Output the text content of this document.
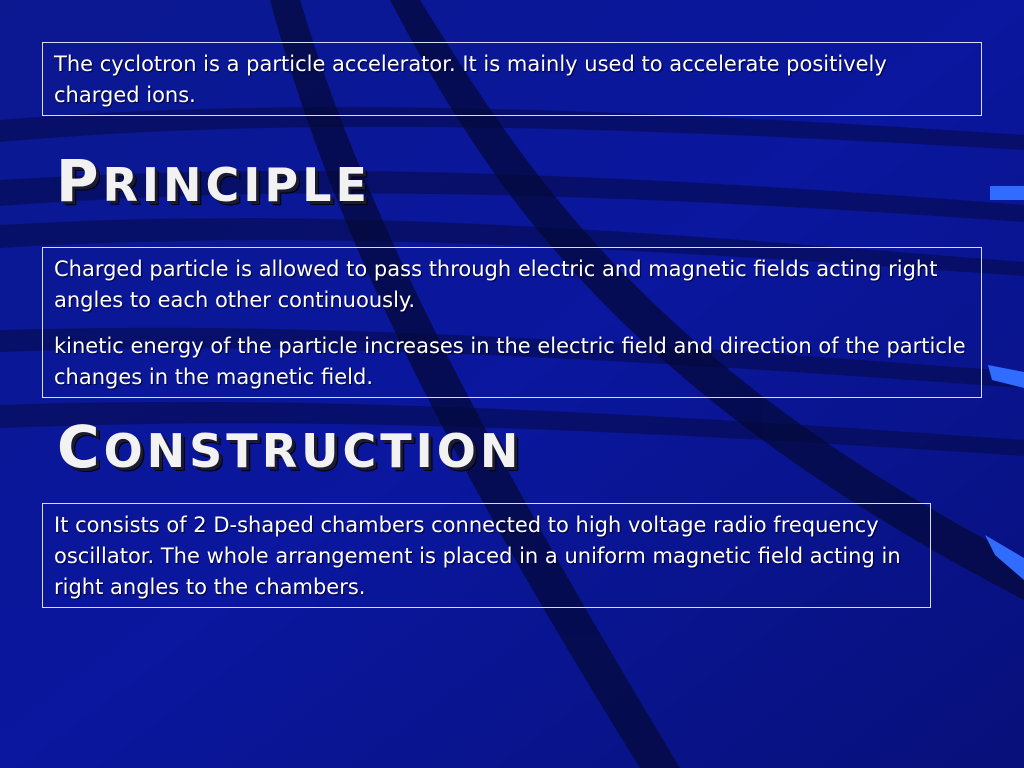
The cyclotron is a particle accelerator. It is mainly used to accelerate positively charged ions.

PRINCIPLE

Charged particle is allowed to pass through electric and magnetic fields acting right angles to each other continuously.

kinetic energy of the particle increases in the electric field and direction of the particle changes in the magnetic field.

CONSTRUCTION

It consists of 2 D-shaped chambers connected to high voltage radio frequency oscillator. The whole arrangement is placed in a uniform magnetic field acting in right angles to the chambers.
